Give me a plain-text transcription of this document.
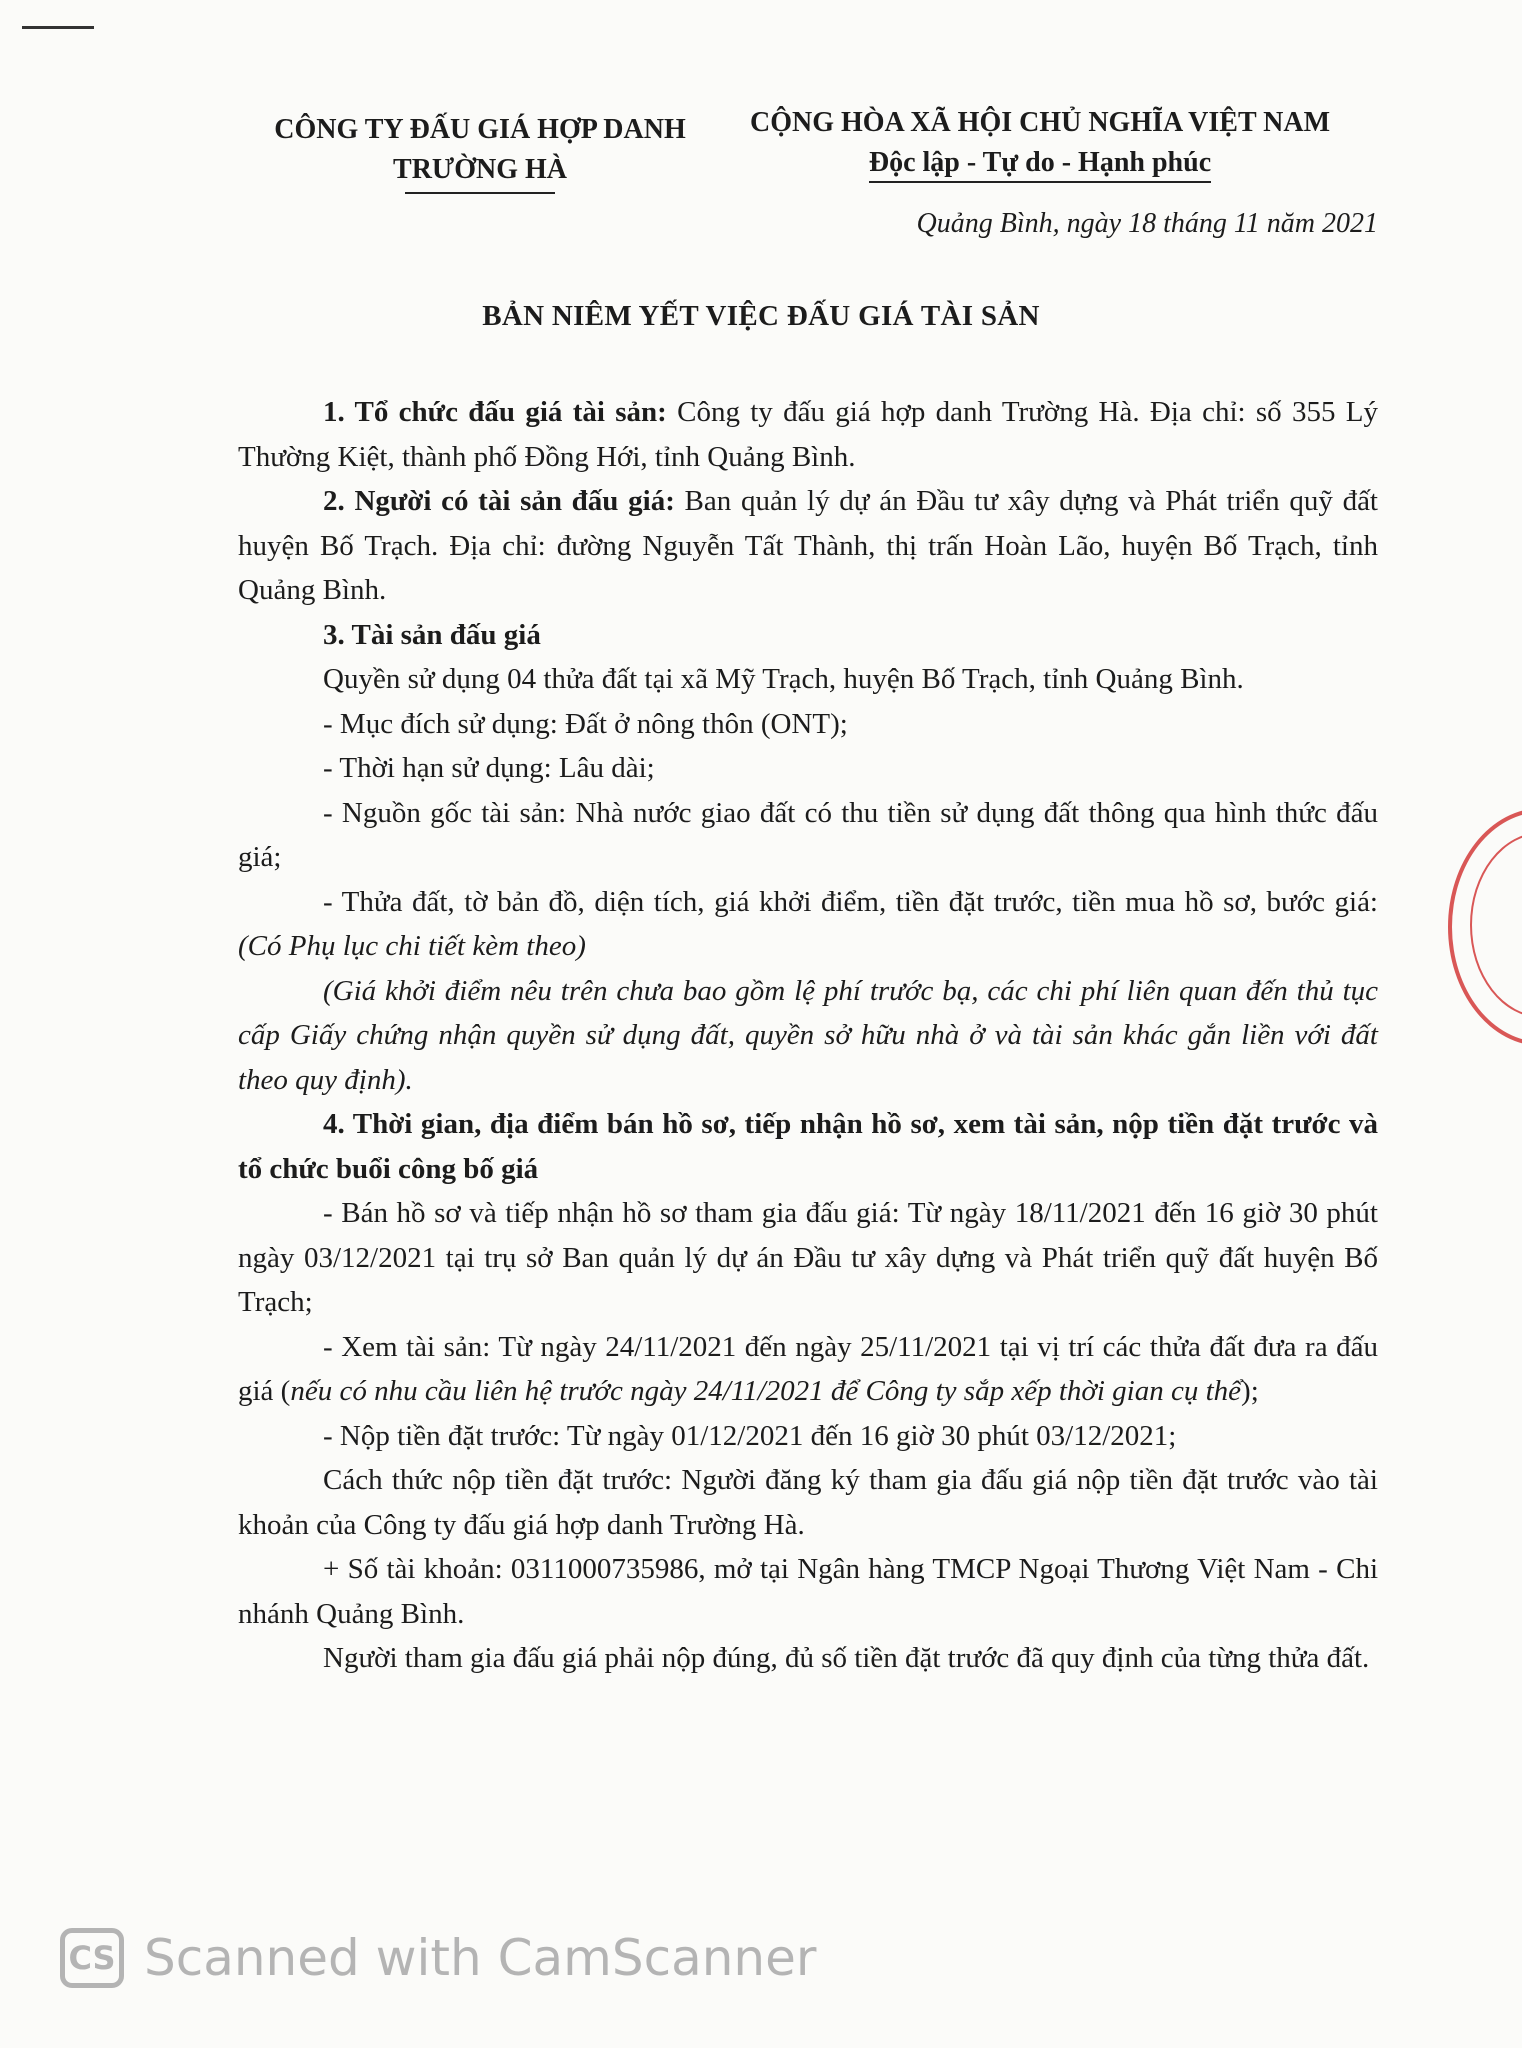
CÔNG TY ĐẤU GIÁ HỢP DANH
TRƯỜNG HÀ
CỘNG HÒA XÃ HỘI CHỦ NGHĨA VIỆT NAM
Độc lập - Tự do - Hạnh phúc
Quảng Bình, ngày 18 tháng 11 năm 2021
BẢN NIÊM YẾT VIỆC ĐẤU GIÁ TÀI SẢN

1. Tổ chức đấu giá tài sản: Công ty đấu giá hợp danh Trường Hà. Địa chỉ: số 355 Lý Thường Kiệt, thành phố Đồng Hới, tỉnh Quảng Bình.

2. Người có tài sản đấu giá: Ban quản lý dự án Đầu tư xây dựng và Phát triển quỹ đất huyện Bố Trạch. Địa chỉ: đường Nguyễn Tất Thành, thị trấn Hoàn Lão, huyện Bố Trạch, tỉnh Quảng Bình.

3. Tài sản đấu giá

Quyền sử dụng 04 thửa đất tại xã Mỹ Trạch, huyện Bố Trạch, tỉnh Quảng Bình.

- Mục đích sử dụng: Đất ở nông thôn (ONT);

- Thời hạn sử dụng: Lâu dài;

- Nguồn gốc tài sản: Nhà nước giao đất có thu tiền sử dụng đất thông qua hình thức đấu giá;

- Thửa đất, tờ bản đồ, diện tích, giá khởi điểm, tiền đặt trước, tiền mua hồ sơ, bước giá: (Có Phụ lục chi tiết kèm theo)

(Giá khởi điểm nêu trên chưa bao gồm lệ phí trước bạ, các chi phí liên quan đến thủ tục cấp Giấy chứng nhận quyền sử dụng đất, quyền sở hữu nhà ở và tài sản khác gắn liền với đất theo quy định).

4. Thời gian, địa điểm bán hồ sơ, tiếp nhận hồ sơ, xem tài sản, nộp tiền đặt trước và tổ chức buổi công bố giá

- Bán hồ sơ và tiếp nhận hồ sơ tham gia đấu giá: Từ ngày 18/11/2021 đến 16 giờ 30 phút ngày 03/12/2021 tại trụ sở Ban quản lý dự án Đầu tư xây dựng và Phát triển quỹ đất huyện Bố Trạch;

- Xem tài sản: Từ ngày 24/11/2021 đến ngày 25/11/2021 tại vị trí các thửa đất đưa ra đấu giá (nếu có nhu cầu liên hệ trước ngày 24/11/2021 để Công ty sắp xếp thời gian cụ thể);

- Nộp tiền đặt trước: Từ ngày 01/12/2021 đến 16 giờ 30 phút 03/12/2021;

Cách thức nộp tiền đặt trước: Người đăng ký tham gia đấu giá nộp tiền đặt trước vào tài khoản của Công ty đấu giá hợp danh Trường Hà.

+ Số tài khoản: 0311000735986, mở tại Ngân hàng TMCP Ngoại Thương Việt Nam - Chi nhánh Quảng Bình.

Người tham gia đấu giá phải nộp đúng, đủ số tiền đặt trước đã quy định của từng thửa đất.

CS Scanned with CamScanner
